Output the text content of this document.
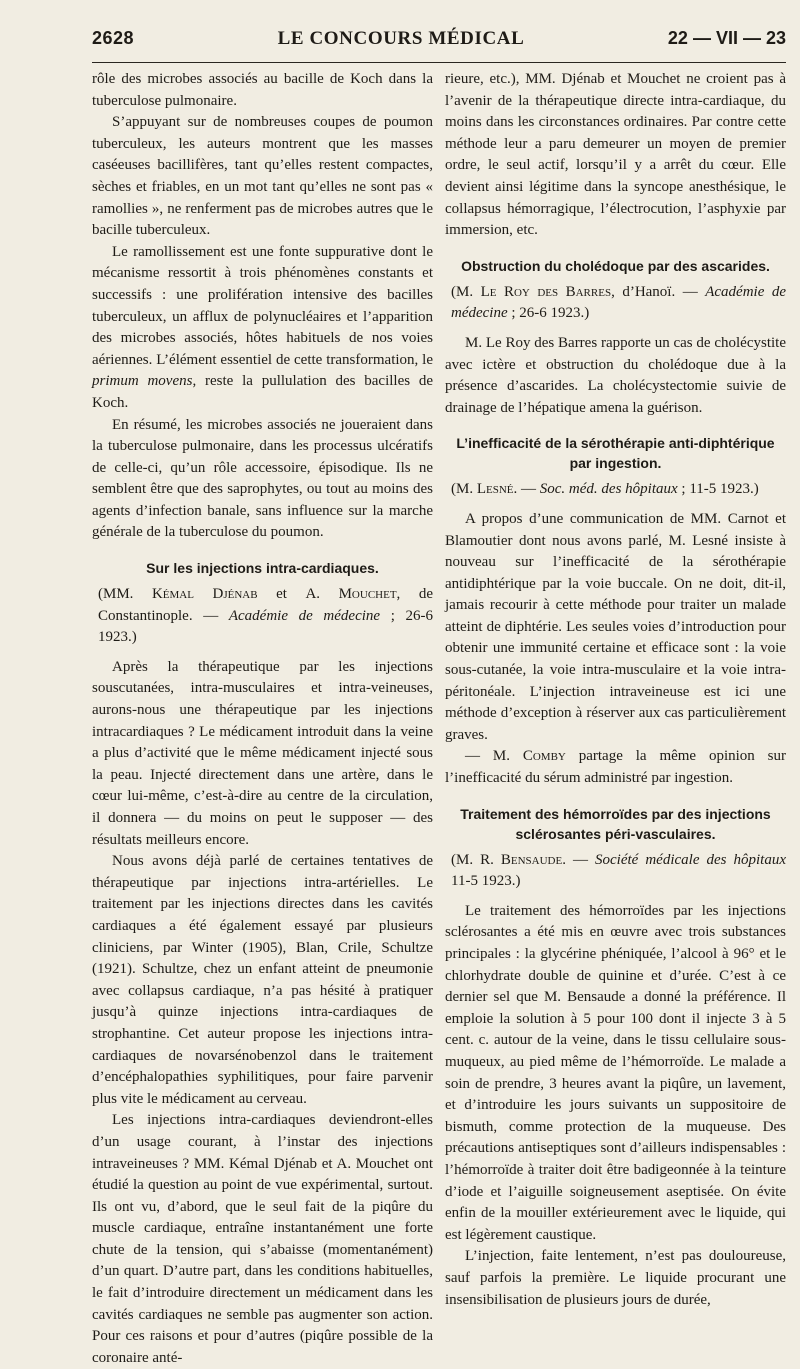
2628	LE CONCOURS MÉDICAL	22 — VII — 23

rôle des microbes associés au bacille de Koch dans la tuberculose pulmonaire.

S’appuyant sur de nombreuses coupes de poumon tuberculeux, les auteurs montrent que les masses caséeuses bacillifères, tant qu’elles restent compactes, sèches et friables, en un mot tant qu’elles ne sont pas « ramollies », ne renferment pas de microbes autres que le bacille tuberculeux.

Le ramollissement est une fonte suppurative dont le mécanisme ressortit à trois phénomènes constants et successifs : une prolifération intensive des bacilles tuberculeux, un afflux de polynucléaires et l’apparition des microbes associés, hôtes habituels de nos voies aériennes. L’élément essentiel de cette transformation, le primum movens, reste la pullulation des bacilles de Koch.

En résumé, les microbes associés ne joueraient dans la tuberculose pulmonaire, dans les processus ulcératifs de celle-ci, qu’un rôle accessoire, épisodique. Ils ne semblent être que des saprophytes, ou tout au moins des agents d’infection banale, sans influence sur la marche générale de la tuberculose du poumon.

Sur les injections intra-cardiaques.

(MM. Kémal Djénab et A. Mouchet, de Constantinople. — Académie de médecine ; 26-6 1923.)

Après la thérapeutique par les injections souscutanées, intra-musculaires et intra-veineuses, aurons-nous une thérapeutique par les injections intracardiaques ? Le médicament introduit dans la veine a plus d’activité que le même médicament injecté sous la peau. Injecté directement dans une artère, dans le cœur lui-même, c’est-à-dire au centre de la circulation, il donnera — du moins on peut le supposer — des résultats meilleurs encore.

Nous avons déjà parlé de certaines tentatives de thérapeutique par injections intra-artérielles. Le traitement par les injections directes dans les cavités cardiaques a été également essayé par plusieurs cliniciens, par Winter (1905), Blan, Crile, Schultze (1921). Schultze, chez un enfant atteint de pneumonie avec collapsus cardiaque, n’a pas hésité à pratiquer jusqu’à quinze injections intra-cardiaques de strophantine. Cet auteur propose les injections intra-cardiaques de novarsénobenzol dans le traitement d’encéphalopathies syphilitiques, pour faire parvenir plus vite le médicament au cerveau.

Les injections intra-cardiaques deviendront-elles d’un usage courant, à l’instar des injections intraveineuses ? MM. Kémal Djénab et A. Mouchet ont étudié la question au point de vue expérimental, surtout. Ils ont vu, d’abord, que le seul fait de la piqûre du muscle cardiaque, entraîne instantanément une forte chute de la tension, qui s’abaisse (momentanément) d’un quart. D’autre part, dans les conditions habituelles, le fait d’introduire directement un médicament dans les cavités cardiaques ne semble pas augmenter son action. Pour ces raisons et pour d’autres (piqûre possible de la coronaire anté-

rieure, etc.), MM. Djénab et Mouchet ne croient pas à l’avenir de la thérapeutique directe intra-cardiaque, du moins dans les circonstances ordinaires. Par contre cette méthode leur a paru demeurer un moyen de premier ordre, le seul actif, lorsqu’il y a arrêt du cœur. Elle devient ainsi légitime dans la syncope anesthésique, le collapsus hémorragique, l’électrocution, l’asphyxie par immersion, etc.

Obstruction du cholédoque par des ascarides.

(M. Le Roy des Barres, d’Hanoï. — Académie de médecine ; 26-6 1923.)

M. Le Roy des Barres rapporte un cas de cholécystite avec ictère et obstruction du cholédoque due à la présence d’ascarides. La cholécystectomie suivie de drainage de l’hépatique amena la guérison.

L’inefficacité de la sérothérapie anti-diphtérique par ingestion.

(M. Lesné. — Soc. méd. des hôpitaux ; 11-5 1923.)

A propos d’une communication de MM. Carnot et Blamoutier dont nous avons parlé, M. Lesné insiste à nouveau sur l’inefficacité de la sérothérapie antidiphtérique par la voie buccale. On ne doit, dit-il, jamais recourir à cette méthode pour traiter un malade atteint de diphtérie. Les seules voies d’introduction pour obtenir une immunité certaine et efficace sont : la voie sous-cutanée, la voie intra-musculaire et la voie intra-péritonéale. L’injection intraveineuse est ici une méthode d’exception à réserver aux cas particulièrement graves.

— M. Comby partage la même opinion sur l’inefficacité du sérum administré par ingestion.

Traitement des hémorroïdes par des injections sclérosantes péri-vasculaires.

(M. R. Bensaude. — Société médicale des hôpitaux 11-5 1923.)

Le traitement des hémorroïdes par les injections sclérosantes a été mis en œuvre avec trois substances principales : la glycérine phéniquée, l’alcool à 96° et le chlorhydrate double de quinine et d’urée. C’est à ce dernier sel que M. Bensaude a donné la préférence. Il emploie la solution à 5 pour 100 dont il injecte 3 à 5 cent. c. autour de la veine, dans le tissu cellulaire sous-muqueux, au pied même de l’hémorroïde. Le malade a soin de prendre, 3 heures avant la piqûre, un lavement, et d’introduire les jours suivants un suppositoire de bismuth, comme protection de la muqueuse. Des précautions antiseptiques sont d’ailleurs indispensables : l’hémorroïde à traiter doit être badigeonnée à la teinture d’iode et l’aiguille soigneusement aseptisée. On évite enfin de la mouiller extérieurement avec le liquide, qui est légèrement caustique.

L’injection, faite lentement, n’est pas douloureuse, sauf parfois la première. Le liquide procurant une insensibilisation de plusieurs jours de durée,
